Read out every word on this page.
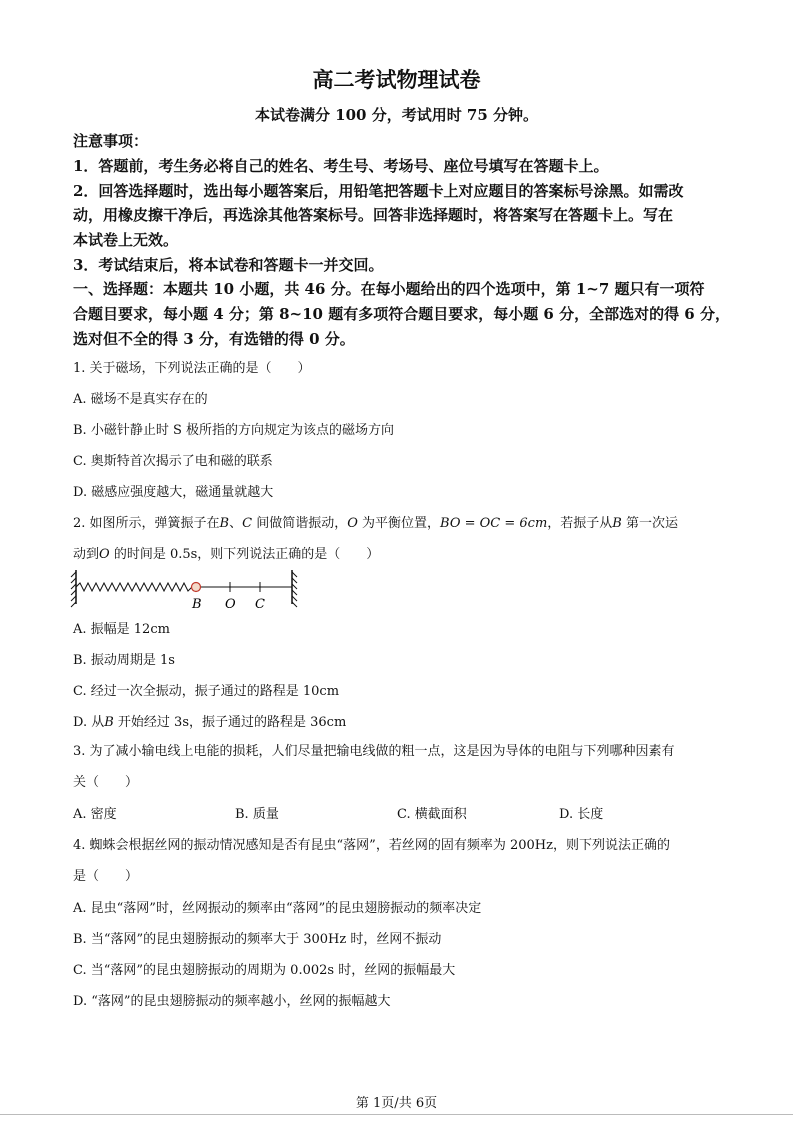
高二考试物理试卷
本试卷满分 100 分，考试用时 75 分钟。
注意事项：
1．答题前，考生务必将自己的姓名、考生号、考场号、座位号填写在答题卡上。
2．回答选择题时，选出每小题答案后，用铅笔把答题卡上对应题目的答案标号涂黑。如需改
动，用橡皮擦干净后，再选涂其他答案标号。回答非选择题时，将答案写在答题卡上。写在
本试卷上无效。
3．考试结束后，将本试卷和答题卡一并交回。
一、选择题：本题共 10 小题，共 46 分。在每小题给出的四个选项中，第 1~7 题只有一项符
合题目要求，每小题 4 分；第 8~10 题有多项符合题目要求，每小题 6 分，全部选对的得 6 分，
选对但不全的得 3 分，有选错的得 0 分。
1. 关于磁场，下列说法正确的是（　　）
A. 磁场不是真实存在的
B. 小磁针静止时 S 极所指的方向规定为该点的磁场方向
C. 奥斯特首次揭示了电和磁的联系
D. 磁感应强度越大，磁通量就越大
2. 如图所示，弹簧振子在B、C 间做简谐振动，O 为平衡位置，BO = OC = 6cm，若振子从B 第一次运
动到O 的时间是 0.5s，则下列说法正确的是（　　）
B O C
A. 振幅是 12cm
B. 振动周期是 1s
C. 经过一次全振动，振子通过的路程是 10cm
D. 从B 开始经过 3s，振子通过的路程是 36cm
3. 为了减小输电线上电能的损耗，人们尽量把输电线做的粗一点，这是因为导体的电阻与下列哪种因素有
关（　　）
A. 密度	B. 质量	C. 横截面积	D. 长度
4. 蜘蛛会根据丝网的振动情况感知是否有昆虫“落网”，若丝网的固有频率为 200Hz，则下列说法正确的
是（　　）
A. 昆虫“落网”时，丝网振动的频率由“落网”的昆虫翅膀振动的频率决定
B. 当“落网”的昆虫翅膀振动的频率大于 300Hz 时，丝网不振动
C. 当“落网”的昆虫翅膀振动的周期为 0.002s 时，丝网的振幅最大
D. “落网”的昆虫翅膀振动的频率越小，丝网的振幅越大
第 1页/共 6页
